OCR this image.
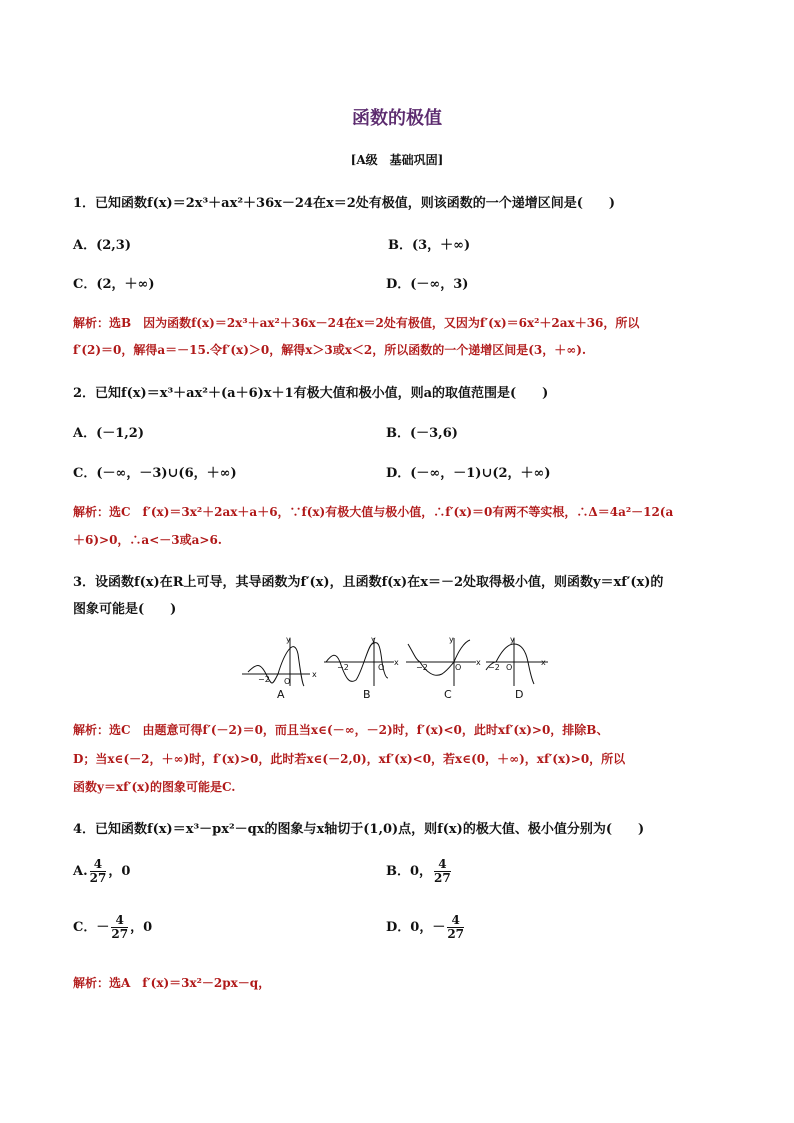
函数的极值
[A级　基础巩固]
1．已知函数f(x)＝2x³＋ax²＋36x－24在x＝2处有极值，则该函数的一个递增区间是(　　)
A．(2,3)	B．(3，＋∞)
C．(2，＋∞)	D．(－∞，3)
解析：选B　因为函数f(x)＝2x³＋ax²＋36x－24在x＝2处有极值，又因为f′(x)＝6x²＋2ax＋36，所以
f′(2)＝0，解得a＝－15.令f′(x)＞0，解得x＞3或x＜2，所以函数的一个递增区间是(3，＋∞).
2．已知f(x)＝x³＋ax²＋(a＋6)x＋1有极大值和极小值，则a的取值范围是(　　)
A．(－1,2)	B．(－3,6)
C．(－∞，－3)∪(6，＋∞)	D．(－∞，－1)∪(2，＋∞)
解析：选C　f′(x)＝3x²＋2ax＋a＋6，∵f(x)有极大值与极小值，∴f′(x)＝0有两不等实根，∴Δ＝4a²－12(a
＋6)>0，∴a<－3或a>6.
3．设函数f(x)在R上可导，其导函数为f′(x)，且函数f(x)在x＝－2处取得极小值，则函数y＝xf′(x)的
图象可能是(　　)
−2
x
y
O
−2
x
y
O	−2
x
y
O	−2
x
y
O
A	B	C	D
解析：选C　由题意可得f′(－2)＝0，而且当x∈(－∞，－2)时，f′(x)<0，此时xf′(x)>0，排除B、
D；当x∈(－2，＋∞)时，f′(x)>0，此时若x∈(－2,0)，xf′(x)<0，若x∈(0，＋∞)，xf′(x)>0，所以
函数y＝xf′(x)的图象可能是C.
4．已知函数f(x)＝x³－px²－qx的图象与x轴切于(1,0)点，则f(x)的极大值、极小值分别为(　　)
A. $\frac{4}{27}$ ，0	B．0， $\frac{4}{27}$
C．－ $\frac{4}{27}$ ，0	D．0，－ $\frac{4}{27}$
解析：选A　f′(x)＝3x²－2px－q，
